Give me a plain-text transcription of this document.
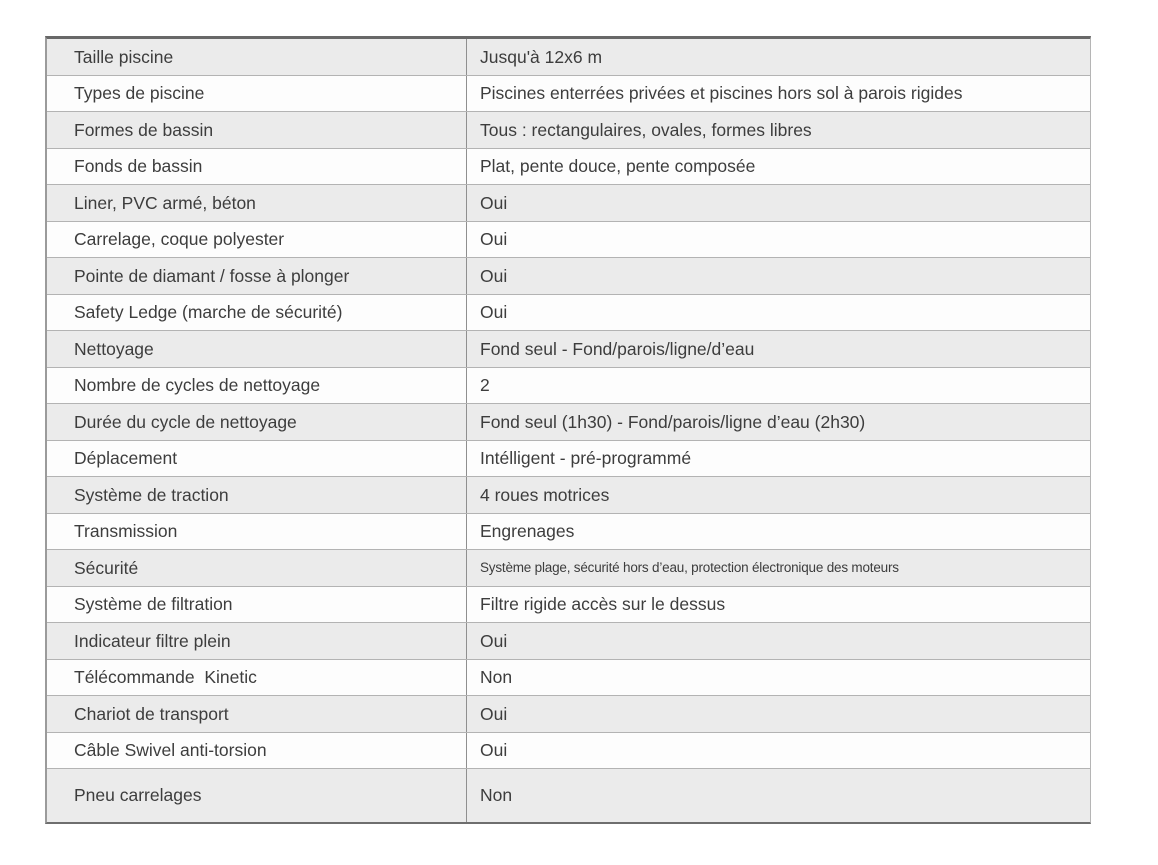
Taille piscine	Jusqu'à 12x6 m
Types de piscine	Piscines enterrées privées et piscines hors sol à parois rigides
Formes de bassin	Tous : rectangulaires, ovales, formes libres
Fonds de bassin	Plat, pente douce, pente composée
Liner, PVC armé, béton	Oui
Carrelage, coque polyester	Oui
Pointe de diamant / fosse à plonger	Oui
Safety Ledge (marche de sécurité)	Oui
Nettoyage	Fond seul - Fond/parois/ligne/d’eau
Nombre de cycles de nettoyage	2
Durée du cycle de nettoyage	Fond seul (1h30) - Fond/parois/ligne d’eau (2h30)
Déplacement	Intélligent - pré-programmé
Système de traction	4 roues motrices
Transmission	Engrenages
Sécurité	Système plage, sécurité hors d’eau, protection électronique des moteurs
Système de filtration	Filtre rigide accès sur le dessus
Indicateur filtre plein	Oui
Télécommande  Kinetic	Non
Chariot de transport	Oui
Câble Swivel anti-torsion	Oui
Pneu carrelages	Non
